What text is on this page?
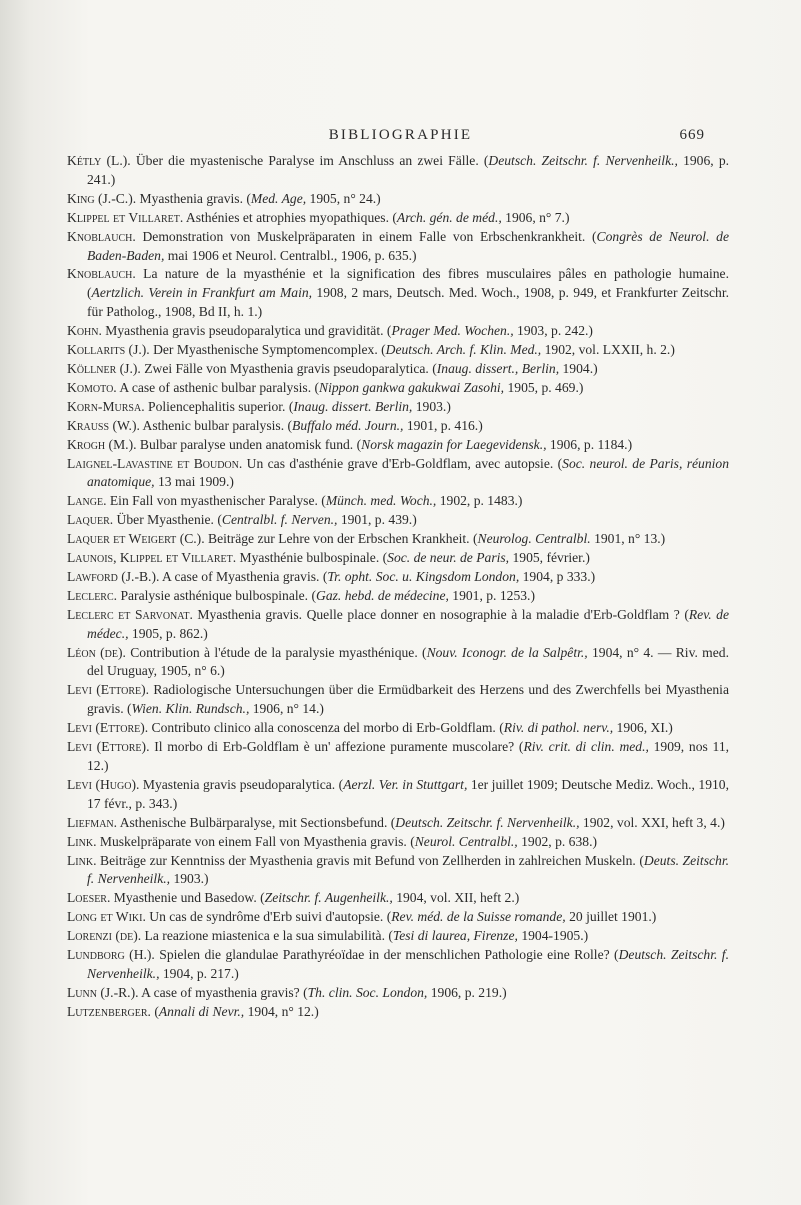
BIBLIOGRAPHIE	669

Kétly (L.). Über die myastenische Paralyse im Anschluss an zwei Fälle. (Deutsch. Zeitschr. f. Nervenheilk., 1906, p. 241.)

King (J.-C.). Myasthenia gravis. (Med. Age, 1905, n° 24.)

Klippel et Villaret. Asthénies et atrophies myopathiques. (Arch. gén. de méd., 1906, n° 7.)

Knoblauch. Demonstration von Muskelpräparaten in einem Falle von Erbschenkrankheit. (Congrès de Neurol. de Baden-Baden, mai 1906 et Neurol. Centralbl., 1906, p. 635.)

Knoblauch. La nature de la myasthénie et la signification des fibres musculaires pâles en pathologie humaine. (Aertzlich. Verein in Frankfurt am Main, 1908, 2 mars, Deutsch. Med. Woch., 1908, p. 949, et Frankfurter Zeitschr. für Patholog., 1908, Bd II, h. 1.)

Kohn. Myasthenia gravis pseudoparalytica und gravidität. (Prager Med. Wochen., 1903, p. 242.)

Kollarits (J.). Der Myasthenische Symptomencomplex. (Deutsch. Arch. f. Klin. Med., 1902, vol. LXXII, h. 2.)

Köllner (J.). Zwei Fälle von Myasthenia gravis pseudoparalytica. (Inaug. dissert., Berlin, 1904.)

Komoto. A case of asthenic bulbar paralysis. (Nippon gankwa gakukwai Zasohi, 1905, p. 469.)

Korn-Mursa. Poliencephalitis superior. (Inaug. dissert. Berlin, 1903.)

Krauss (W.). Asthenic bulbar paralysis. (Buffalo méd. Journ., 1901, p. 416.)

Krogh (M.). Bulbar paralyse unden anatomisk fund. (Norsk magazin for Laegevidensk., 1906, p. 1184.)

Laignel-Lavastine et Boudon. Un cas d'asthénie grave d'Erb-Goldflam, avec autopsie. (Soc. neurol. de Paris, réunion anatomique, 13 mai 1909.)

Lange. Ein Fall von myasthenischer Paralyse. (Münch. med. Woch., 1902, p. 1483.)

Laquer. Über Myasthenie. (Centralbl. f. Nerven., 1901, p. 439.)

Laquer et Weigert (C.). Beiträge zur Lehre von der Erbschen Krankheit. (Neurolog. Centralbl. 1901, n° 13.)

Launois, Klippel et Villaret. Myasthénie bulbospinale. (Soc. de neur. de Paris, 1905, février.)

Lawford (J.-B.). A case of Myasthenia gravis. (Tr. opht. Soc. u. Kingsdom London, 1904, p 333.)

Leclerc. Paralysie asthénique bulbospinale. (Gaz. hebd. de médecine, 1901, p. 1253.)

Leclerc et Sarvonat. Myasthenia gravis. Quelle place donner en nosographie à la maladie d'Erb-Goldflam ? (Rev. de médec., 1905, p. 862.)

Léon (de). Contribution à l'étude de la paralysie myasthénique. (Nouv. Iconogr. de la Salpêtr., 1904, n° 4. — Riv. med. del Uruguay, 1905, n° 6.)

Levi (Ettore). Radiologische Untersuchungen über die Ermüdbarkeit des Herzens und des Zwerchfells bei Myasthenia gravis. (Wien. Klin. Rundsch., 1906, n° 14.)

Levi (Ettore). Contributo clinico alla conoscenza del morbo di Erb-Goldflam. (Riv. di pathol. nerv., 1906, XI.)

Levi (Ettore). Il morbo di Erb-Goldflam è un' affezione puramente muscolare? (Riv. crit. di clin. med., 1909, nos 11, 12.)

Levi (Hugo). Myastenia gravis pseudoparalytica. (Aerzl. Ver. in Stuttgart, 1er juillet 1909; Deutsche Mediz. Woch., 1910, 17 févr., p. 343.)

Liefman. Asthenische Bulbärparalyse, mit Sectionsbefund. (Deutsch. Zeitschr. f. Nervenheilk., 1902, vol. XXI, heft 3, 4.)

Link. Muskelpräparate von einem Fall von Myasthenia gravis. (Neurol. Centralbl., 1902, p. 638.)

Link. Beiträge zur Kenntniss der Myasthenia gravis mit Befund von Zellherden in zahlreichen Muskeln. (Deuts. Zeitschr. f. Nervenheilk., 1903.)

Loeser. Myasthenie und Basedow. (Zeitschr. f. Augenheilk., 1904, vol. XII, heft 2.)

Long et Wiki. Un cas de syndrôme d'Erb suivi d'autopsie. (Rev. méd. de la Suisse romande, 20 juillet 1901.)

Lorenzi (de). La reazione miastenica e la sua simulabilità. (Tesi di laurea, Firenze, 1904-1905.)

Lundborg (H.). Spielen die glandulae Parathyréoïdae in der menschlichen Pathologie eine Rolle? (Deutsch. Zeitschr. f. Nervenheilk., 1904, p. 217.)

Lunn (J.-R.). A case of myasthenia gravis? (Th. clin. Soc. London, 1906, p. 219.)

Lutzenberger. (Annali di Nevr., 1904, n° 12.)
